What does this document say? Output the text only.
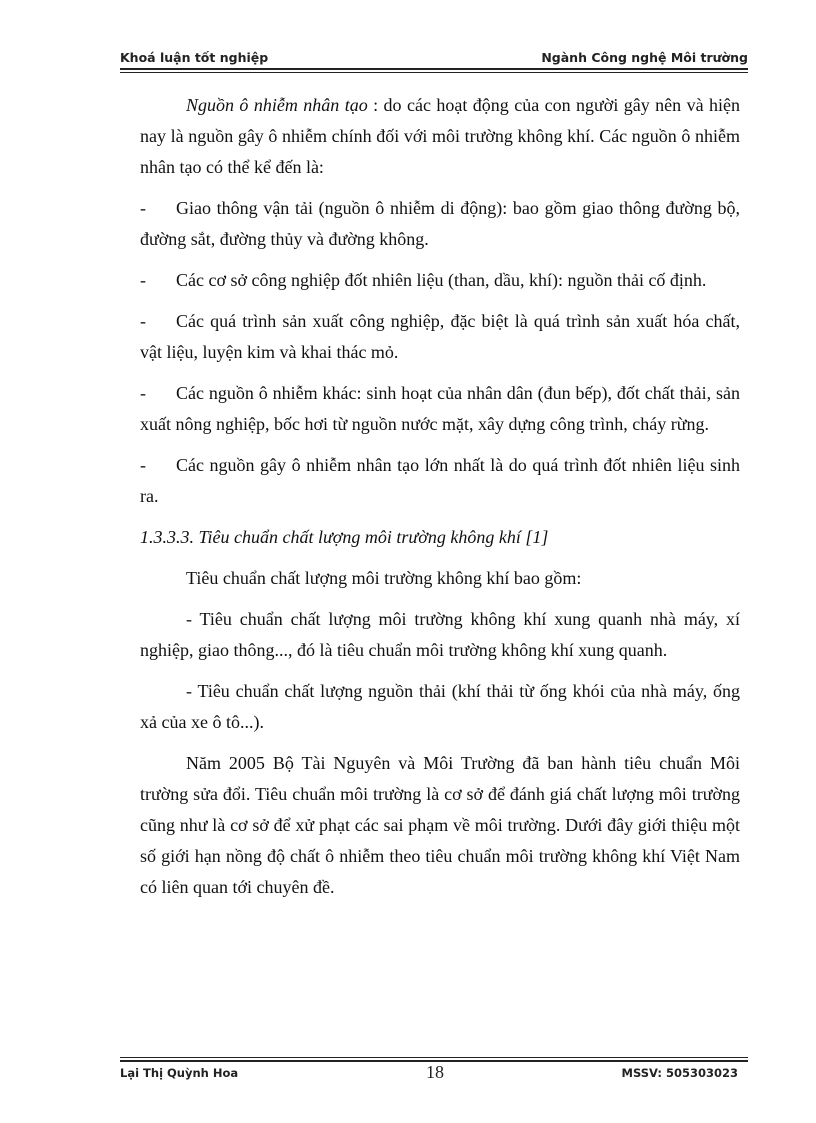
Khoá luận tốt nghiệp	Ngành Công nghệ Môi trường

Nguồn ô nhiễm nhân tạo : do các hoạt động của con người gây nên và hiện nay là nguồn gây ô nhiễm chính đối với môi trường không khí. Các nguồn ô nhiễm nhân tạo có thể kể đến là:

- Giao thông vận tải (nguồn ô nhiễm di động): bao gồm giao thông đường bộ, đường sắt, đường thủy và đường không.

- Các cơ sở công nghiệp đốt nhiên liệu (than, dầu, khí): nguồn thải cố định.

- Các quá trình sản xuất công nghiệp, đặc biệt là quá trình sản xuất hóa chất, vật liệu, luyện kim và khai thác mỏ.

- Các nguồn ô nhiễm khác: sinh hoạt của nhân dân (đun bếp), đốt chất thải, sản xuất nông nghiệp, bốc hơi từ nguồn nước mặt, xây dựng công trình, cháy rừng.

- Các nguồn gây ô nhiễm nhân tạo lớn nhất là do quá trình đốt nhiên liệu sinh ra.

1.3.3.3. Tiêu chuẩn chất lượng môi trường không khí [1]

Tiêu chuẩn chất lượng môi trường không khí bao gồm:

- Tiêu chuẩn chất lượng môi trường không khí xung quanh nhà máy, xí nghiệp, giao thông..., đó là tiêu chuẩn môi trường không khí xung quanh.

- Tiêu chuẩn chất lượng nguồn thải (khí thải từ ống khói của nhà máy, ống xả của xe ô tô...).

Năm 2005 Bộ Tài Nguyên và Môi Trường đã ban hành tiêu chuẩn Môi trường sửa đổi. Tiêu chuẩn môi trường là cơ sở để đánh giá chất lượng môi trường cũng như là cơ sở để xử phạt các sai phạm về môi trường. Dưới đây giới thiệu một số giới hạn nồng độ chất ô nhiễm theo tiêu chuẩn môi trường không khí Việt Nam có liên quan tới chuyên đề.

Lại Thị Quỳnh Hoa	18	MSSV: 505303023
